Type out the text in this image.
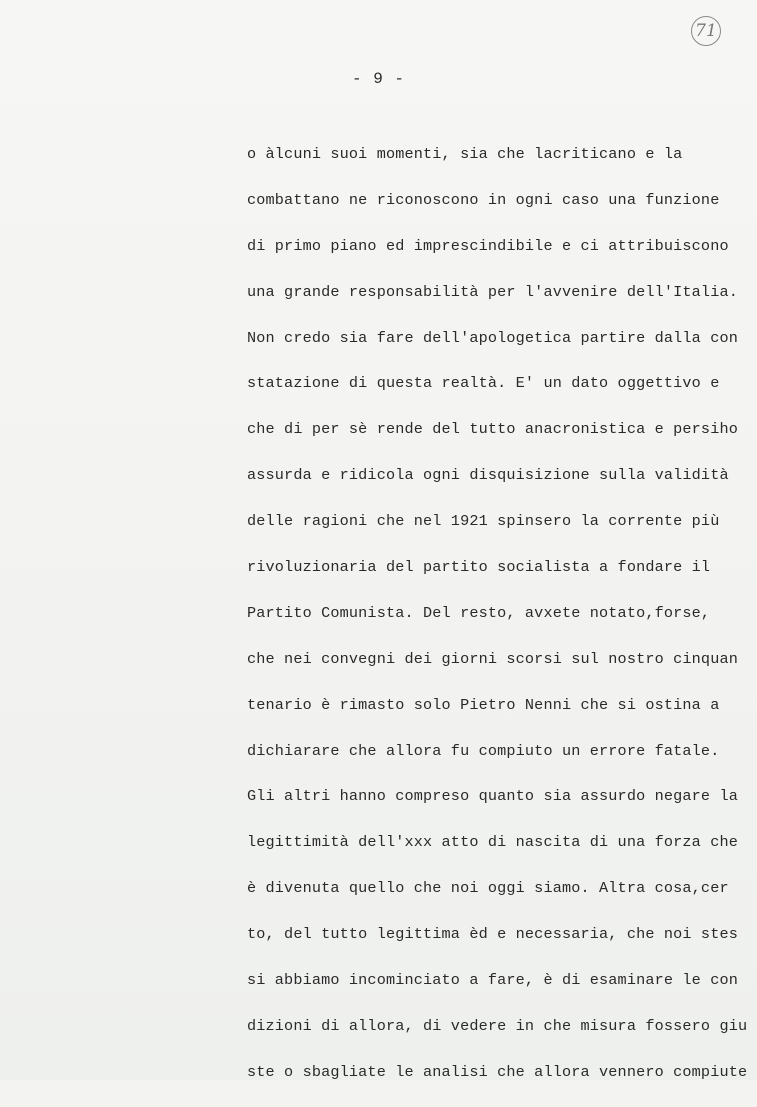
71
- 9 -
o àlcuni suoi momenti, sia che lacriticano e la
combattano ne riconoscono in ogni caso una funzione
di primo piano ed imprescindibile e ci attribuiscono
una grande responsabilità per l'avvenire dell'Italia.
Non credo sia fare dell'apologetica partire dalla con
statazione di questa realtà. E' un dato oggettivo e
che di per sè rende del tutto anacronistica e persiho
assurda e ridicola ogni disquisizione sulla validità
delle ragioni che nel 1921 spinsero la corrente più
rivoluzionaria del partito socialista a fondare il
Partito Comunista. Del resto, avxete notato,forse,
che nei convegni dei giorni scorsi sul nostro cinquan
tenario è rimasto solo Pietro Nenni che si ostina a
dichiarare che allora fu compiuto un errore fatale.
Gli altri hanno compreso quanto sia assurdo negare la
legittimità dell'xxx atto di nascita di una forza che
è divenuta quello che noi oggi siamo. Altra cosa,cer
to, del tutto legittima èd e necessaria, che noi stes
si abbiamo incominciato a fare, è di esaminare le con
dizioni di allora, di vedere in che misura fossero giu
ste o sbagliate le analisi che allora vennero compiute
